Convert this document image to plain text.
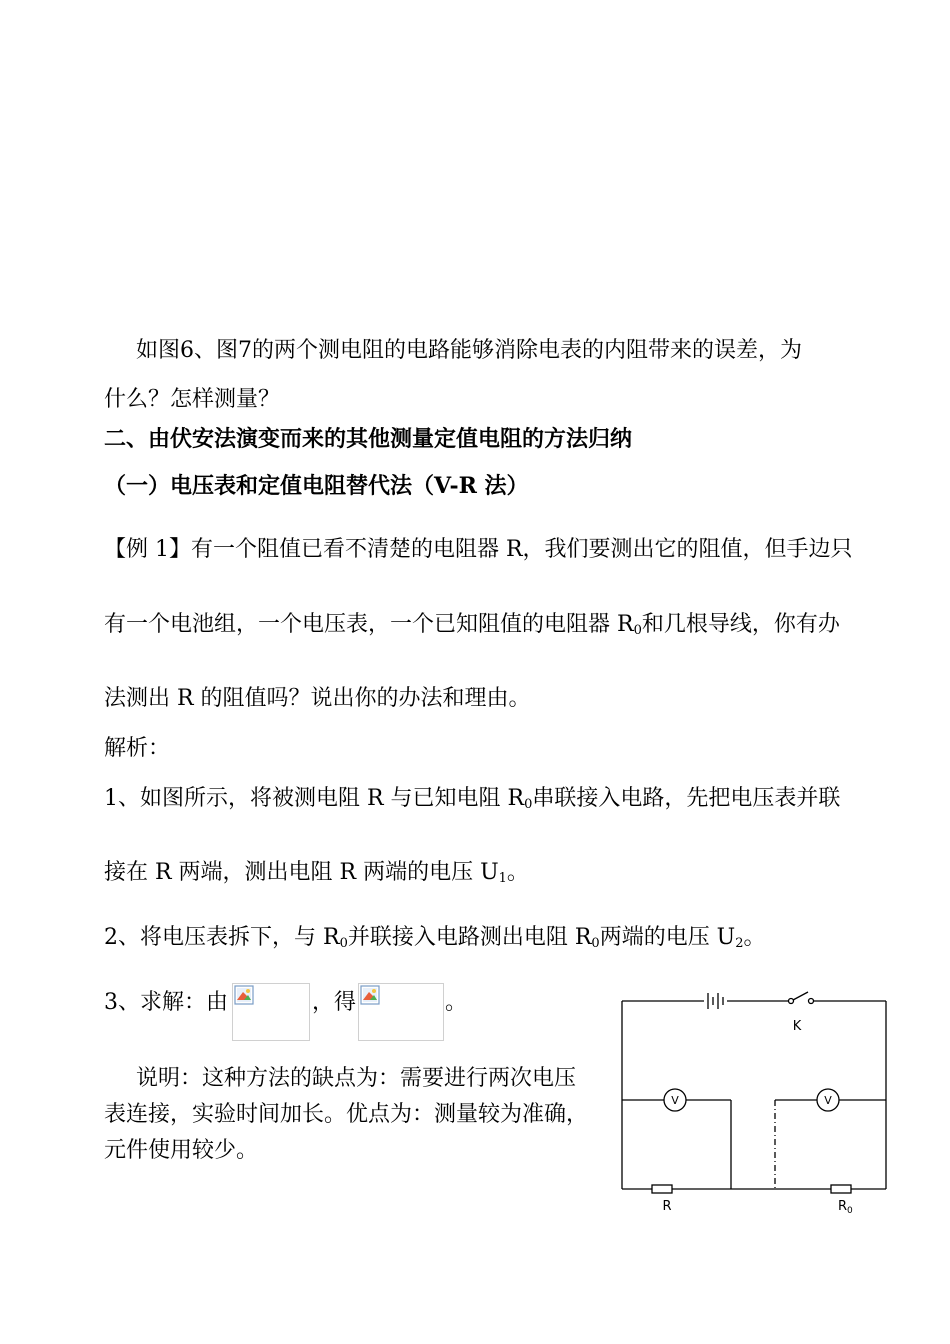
如图6、图7的两个测电阻的电路能够消除电表的内阻带来的误差，为
什么？怎样测量？
二、由伏安法演变而来的其他测量定值电阻的方法归纳
（一）电压表和定值电阻替代法（V-R 法）
【例 1】有一个阻值已看不清楚的电阻器 R，我们要测出它的阻值，但手边只
有一个电池组，一个电压表，一个已知阻值的电阻器 $R_0$和几根导线，你有办
法测出 R 的阻值吗？说出你的办法和理由。
解析：
1、如图所示，将被测电阻 R 与已知电阻 $R_0$串联接入电路，先把电压表并联
接在 R 两端，测出电阻 R 两端的电压 $U_1$。
2、将电压表拆下，与 $R_0$并联接入电路测出电阻 $R_0$两端的电压 $U_2$。
3、求解：由	，得	。
说明：这种方法的缺点为：需要进行两次电压
表连接，实验时间加长。优点为：测量较为准确，
元件使用较少。
V	V
K
R	$R_0$
